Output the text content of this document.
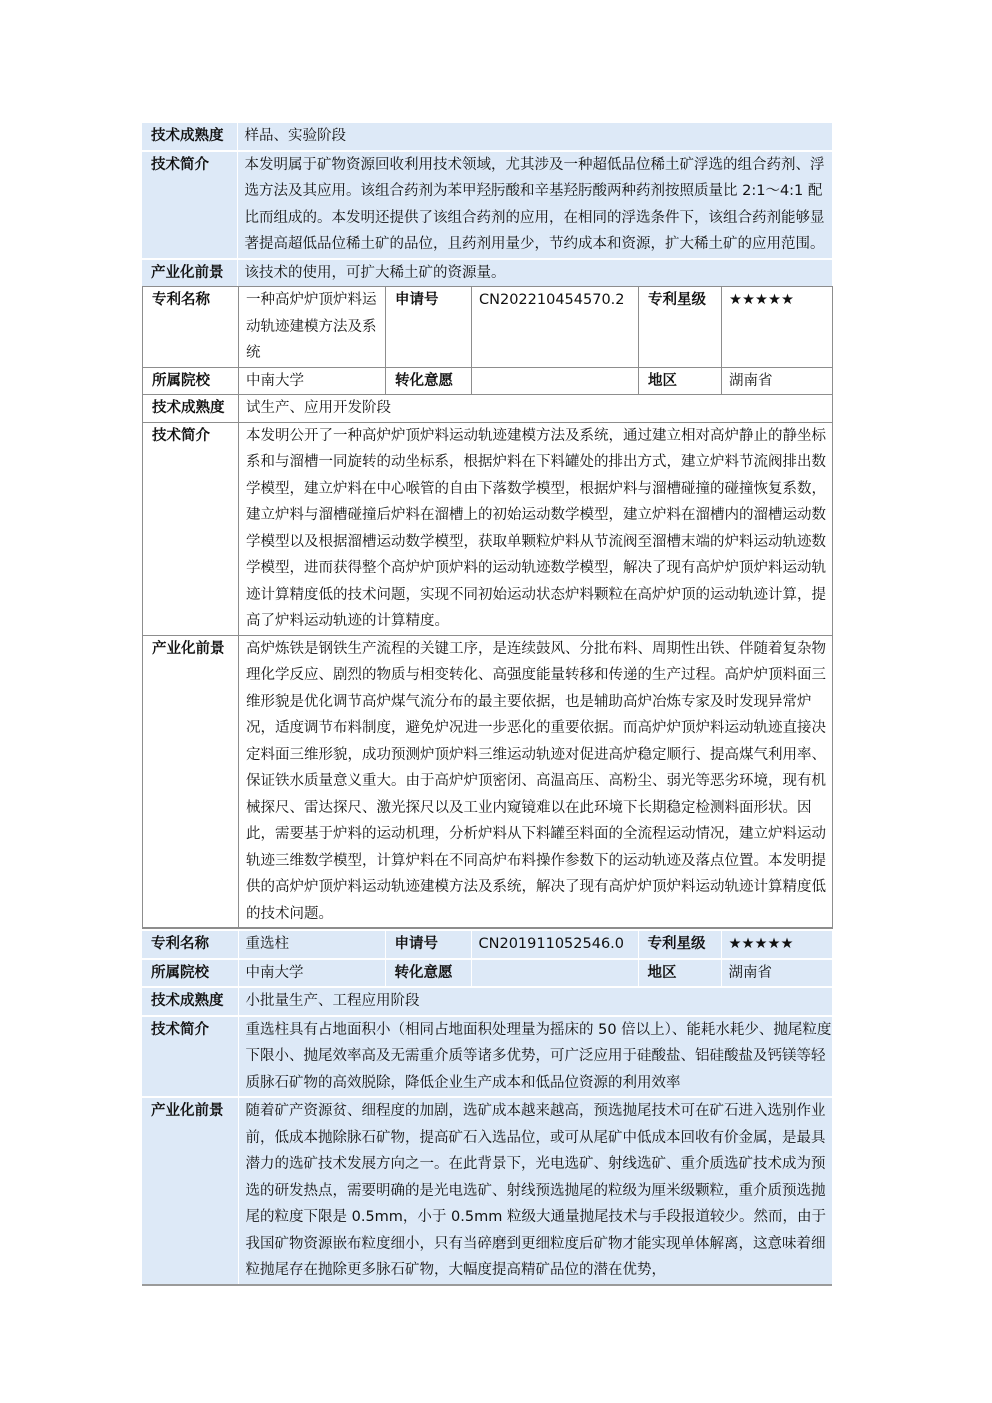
技术成熟度	样品、实验阶段
技术简介	本发明属于矿物资源回收利用技术领域，尤其涉及一种超低品位稀土矿浮选的组合药剂、浮选方法及其应用。该组合药剂为苯甲羟肟酸和辛基羟肟酸两种药剂按照质量比 2:1～4:1 配比而组成的。本发明还提供了该组合药剂的应用，在相同的浮选条件下，该组合药剂能够显著提高超低品位稀土矿的品位，且药剂用量少，节约成本和资源，扩大稀土矿的应用范围。
产业化前景	该技术的使用，可扩大稀土矿的资源量。
专利名称	一种高炉炉顶炉料运动轨迹建模方法及系统	申请号	CN202210454570.2	专利星级	★★★★★
所属院校	中南大学	转化意愿		地区	湖南省
技术成熟度	试生产、应用开发阶段				
技术简介	本发明公开了一种高炉炉顶炉料运动轨迹建模方法及系统，通过建立相对高炉静止的静坐标系和与溜槽一同旋转的动坐标系，根据炉料在下料罐处的排出方式，建立炉料节流阀排出数学模型，建立炉料在中心喉管的自由下落数学模型，根据炉料与溜槽碰撞的碰撞恢复系数，建立炉料与溜槽碰撞后炉料在溜槽上的初始运动数学模型，建立炉料在溜槽内的溜槽运动数学模型以及根据溜槽运动数学模型，获取单颗粒炉料从节流阀至溜槽末端的炉料运动轨迹数学模型，进而获得整个高炉炉顶炉料的运动轨迹数学模型，解决了现有高炉炉顶炉料运动轨迹计算精度低的技术问题，实现不同初始运动状态炉料颗粒在高炉炉顶的运动轨迹计算，提高了炉料运动轨迹的计算精度。				
产业化前景	高炉炼铁是钢铁生产流程的关键工序，是连续鼓风、分批布料、周期性出铁、伴随着复杂物理化学反应、剧烈的物质与相变转化、高强度能量转移和传递的生产过程。高炉炉顶料面三维形貌是优化调节高炉煤气流分布的最主要依据，也是辅助高炉冶炼专家及时发现异常炉况，适度调节布料制度，避免炉况进一步恶化的重要依据。而高炉炉顶炉料运动轨迹直接决定料面三维形貌，成功预测炉顶炉料三维运动轨迹对促进高炉稳定顺行、提高煤气利用率、保证铁水质量意义重大。由于高炉炉顶密闭、高温高压、高粉尘、弱光等恶劣环境，现有机械探尺、雷达探尺、激光探尺以及工业内窥镜难以在此环境下长期稳定检测料面形状。因此，需要基于炉料的运动机理，分析炉料从下料罐至料面的全流程运动情况，建立炉料运动轨迹三维数学模型，计算炉料在不同高炉布料操作参数下的运动轨迹及落点位置。本发明提供的高炉炉顶炉料运动轨迹建模方法及系统，解决了现有高炉炉顶炉料运动轨迹计算精度低的技术问题。				
专利名称	重选柱	申请号	CN201911052546.0	专利星级	★★★★★
所属院校	中南大学	转化意愿		地区	湖南省
技术成熟度	小批量生产、工程应用阶段				
技术简介	重选柱具有占地面积小（相同占地面积处理量为摇床的 50 倍以上）、能耗水耗少、抛尾粒度下限小、抛尾效率高及无需重介质等诸多优势，可广泛应用于硅酸盐、铝硅酸盐及钙镁等轻质脉石矿物的高效脱除，降低企业生产成本和低品位资源的利用效率				
产业化前景	随着矿产资源贫、细程度的加剧，选矿成本越来越高，预选抛尾技术可在矿石进入选别作业前，低成本抛除脉石矿物，提高矿石入选品位，或可从尾矿中低成本回收有价金属，是最具潜力的选矿技术发展方向之一。在此背景下，光电选矿、射线选矿、重介质选矿技术成为预选的研发热点，需要明确的是光电选矿、射线预选抛尾的粒级为厘米级颗粒，重介质预选抛尾的粒度下限是 0.5mm，小于 0.5mm 粒级大通量抛尾技术与手段报道较少。然而，由于我国矿物资源嵌布粒度细小，只有当碎磨到更细粒度后矿物才能实现单体解离，这意味着细粒抛尾存在抛除更多脉石矿物，大幅度提高精矿品位的潜在优势，				
